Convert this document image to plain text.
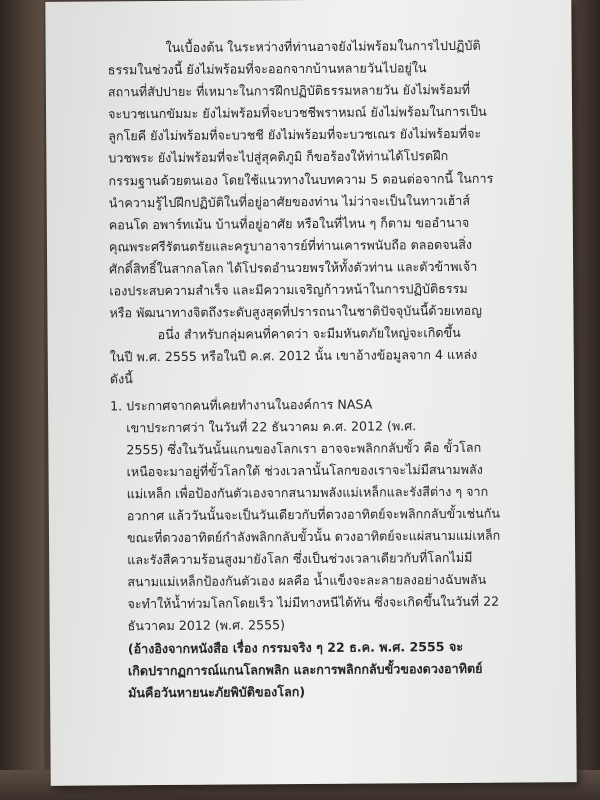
ในเบื้องต้น ในระหว่างที่ท่านอาจยังไม่พร้อมในการไปปฏิบัติ
ธรรมในช่วงนี้ ยังไม่พร้อมที่จะออกจากบ้านหลายวันไปอยู่ใน
สถานที่สัปปายะ ที่เหมาะในการฝึกปฏิบัติธรรมหลายวัน ยังไม่พร้อมที่
จะบวชเนกขัมมะ ยังไม่พร้อมที่จะบวชชีพราหมณ์ ยังไม่พร้อมในการเป็น
ลูกโยคี ยังไม่พร้อมที่จะบวชชี ยังไม่พร้อมที่จะบวชเณร ยังไม่พร้อมที่จะ
บวชพระ ยังไม่พร้อมที่จะไปสู่สุคติภูมิ ก็ขอร้องให้ท่านได้โปรดฝึก
กรรมฐานด้วยตนเอง โดยใช้แนวทางในบทความ 5 ตอนต่อจากนี้ ในการ
นำความรู้ไปฝึกปฏิบัติในที่อยู่อาศัยของท่าน ไม่ว่าจะเป็นในทาวเฮ้าส์
คอนโด อพาร์ทเม้น บ้านที่อยู่อาศัย หรือในที่ไหน ๆ ก็ตาม ขออำนาจ
คุณพระศรีรัตนตรัยและครูบาอาจารย์ที่ท่านเคารพนับถือ ตลอดจนสิ่ง
ศักดิ์สิทธิ์ในสากลโลก ได้โปรดอำนวยพรให้ทั้งตัวท่าน และตัวข้าพเจ้า
เองประสบความสำเร็จ และมีความเจริญก้าวหน้าในการปฏิบัติธรรม
หรือ พัฒนาทางจิตถึงระดับสูงสุดที่ปรารถนาในชาติปัจจุบันนี้ด้วยเทอญ
อนึ่ง สำหรับกลุ่มคนที่คาดว่า จะมีมหันตภัยใหญ่จะเกิดขึ้น
ในปี พ.ศ. 2555 หรือในปี ค.ศ. 2012 นั้น เขาอ้างข้อมูลจาก 4 แหล่ง
ดังนี้
1. ประกาศจากคนที่เคยทำงานในองค์การ NASA
เขาประกาศว่า ในวันที่ 22 ธันวาคม ค.ศ. 2012 (พ.ศ.
2555) ซึ่งในวันนั้นแกนของโลกเรา อาจจะพลิกกลับขั้ว คือ ขั้วโลก
เหนือจะมาอยู่ที่ขั้วโลกใต้ ช่วงเวลานั้นโลกของเราจะไม่มีสนามพลัง
แม่เหล็ก เพื่อป้องกันตัวเองจากสนามพลังแม่เหล็กและรังสีต่าง ๆ จาก
อวกาศ แล้ววันนั้นจะเป็นวันเดียวกับที่ดวงอาทิตย์จะพลิกกลับขั้วเช่นกัน
ขณะที่ดวงอาทิตย์กำลังพลิกกลับขั้วนั้น ดวงอาทิตย์จะแผ่สนามแม่เหล็ก
และรังสีความร้อนสูงมายังโลก ซึ่งเป็นช่วงเวลาเดียวกับที่โลกไม่มี
สนามแม่เหล็กป้องกันตัวเอง ผลคือ น้ำแข็งจะละลายลงอย่างฉับพลัน
จะทำให้น้ำท่วมโลกโดยเร็ว ไม่มีทางหนีได้ทัน ซึ่งจะเกิดขึ้นในวันที่ 22
ธันวาคม 2012 (พ.ศ. 2555)
(อ้างอิงจากหนังสือ เรื่อง กรรมจริง ๆ 22 ธ.ค. พ.ศ. 2555 จะ
เกิดปรากฏการณ์แกนโลกพลิก และการพลิกกลับขั้วของดวงอาทิตย์
มันคือวันหายนะภัยพิบัติของโลก)
